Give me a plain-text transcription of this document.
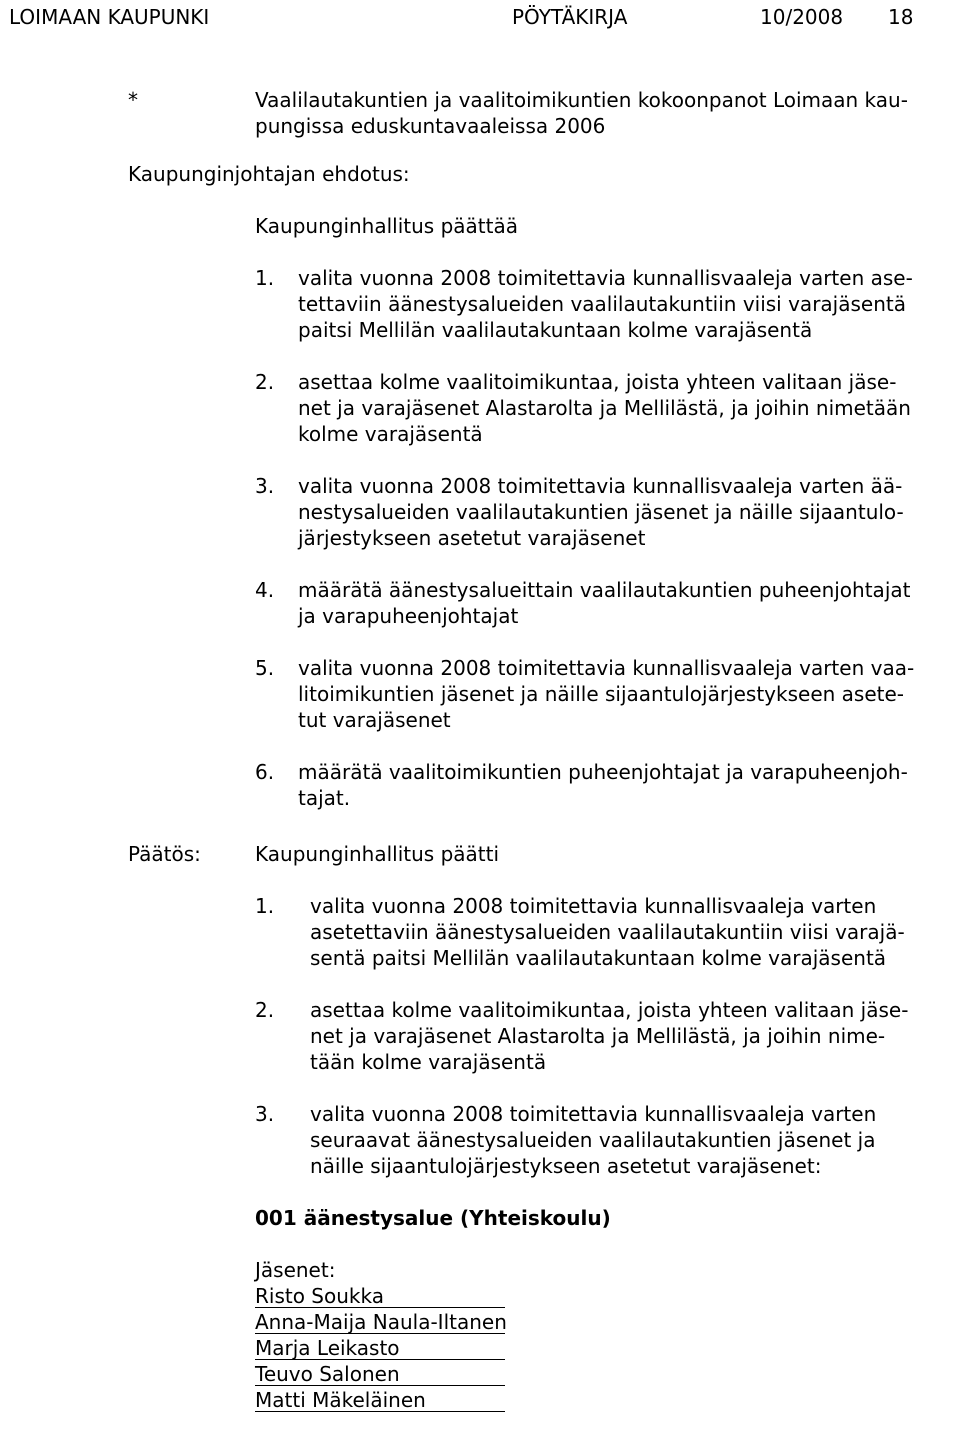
LOIMAAN KAUPUNKI	PÖYTÄKIRJA	10/2008 18
*	Vaalilautakuntien ja vaalitoimikuntien kokoonpanot Loimaan kau-
pungissa eduskuntavaaleissa 2006
Kaupunginjohtajan ehdotus:
Kaupunginhallitus päättää
1. valita vuonna 2008 toimitettavia kunnallisvaaleja varten ase-
tettaviin äänestysalueiden vaalilautakuntiin viisi varajäsentä
paitsi Mellilän vaalilautakuntaan kolme varajäsentä
2. asettaa kolme vaalitoimikuntaa, joista yhteen valitaan jäse-
net ja varajäsenet Alastarolta ja Mellilästä, ja joihin nimetään
kolme varajäsentä
3. valita vuonna 2008 toimitettavia kunnallisvaaleja varten ää-
nestysalueiden vaalilautakuntien jäsenet ja näille sijaantulo-
järjestykseen asetetut varajäsenet
4. määrätä äänestysalueittain vaalilautakuntien puheenjohtajat
ja varapuheenjohtajat
5. valita vuonna 2008 toimitettavia kunnallisvaaleja varten vaa-
litoimikuntien jäsenet ja näille sijaantulojärjestykseen asete-
tut varajäsenet
6. määrätä vaalitoimikuntien puheenjohtajat ja varapuheenjoh-
tajat.
Päätös:	Kaupunginhallitus päätti
1. valita vuonna 2008 toimitettavia kunnallisvaaleja varten
asetettaviin äänestysalueiden vaalilautakuntiin viisi varajä-
sentä paitsi Mellilän vaalilautakuntaan kolme varajäsentä
2. asettaa kolme vaalitoimikuntaa, joista yhteen valitaan jäse-
net ja varajäsenet Alastarolta ja Mellilästä, ja joihin nime-
tään kolme varajäsentä
3. valita vuonna 2008 toimitettavia kunnallisvaaleja varten
seuraavat äänestysalueiden vaalilautakuntien jäsenet ja
näille sijaantulojärjestykseen asetetut varajäsenet:
001 äänestysalue (Yhteiskoulu)
Jäsenet:
Risto Soukka
Anna-Maija Naula-Iltanen
Marja Leikasto
Teuvo Salonen
Matti Mäkeläinen
